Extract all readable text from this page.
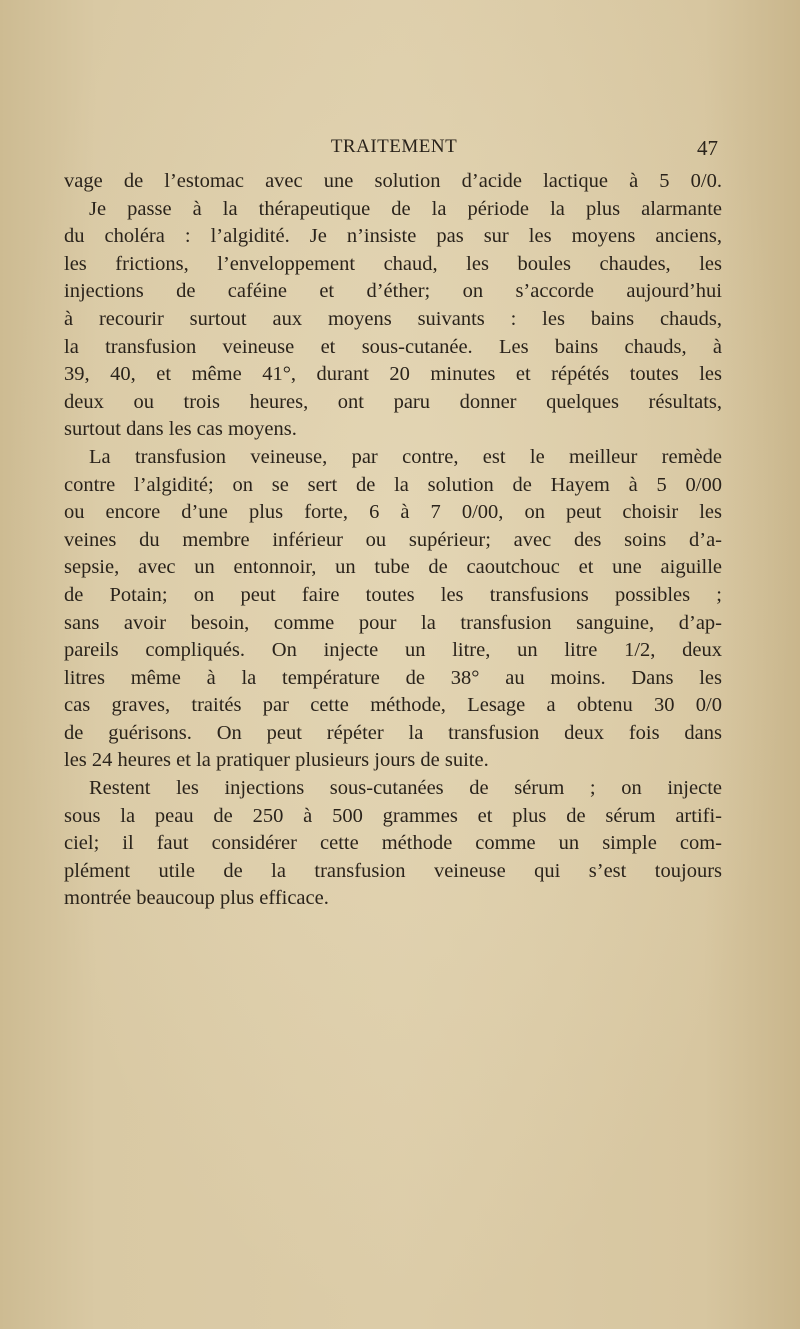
TRAITEMENT	47
vage de l’estomac avec une solution d’acide lactique à 5 0/0.
Je passe à la thérapeutique de la période la plus alarmante
du choléra : l’algidité. Je n’insiste pas sur les moyens anciens,
les frictions, l’enveloppement chaud, les boules chaudes, les
injections de caféine et d’éther; on s’accorde aujourd’hui
à recourir surtout aux moyens suivants : les bains chauds,
la transfusion veineuse et sous-cutanée. Les bains chauds, à
39, 40, et même 41°, durant 20 minutes et répétés toutes les
deux ou trois heures, ont paru donner quelques résultats,
surtout dans les cas moyens.
La transfusion veineuse, par contre, est le meilleur remède
contre l’algidité; on se sert de la solution de Hayem à 5 0/00
ou encore d’une plus forte, 6 à 7 0/00, on peut choisir les
veines du membre inférieur ou supérieur; avec des soins d’a-
sepsie, avec un entonnoir, un tube de caoutchouc et une aiguille
de Potain; on peut faire toutes les transfusions possibles ;
sans avoir besoin, comme pour la transfusion sanguine, d’ap-
pareils compliqués. On injecte un litre, un litre 1/2, deux
litres même à la température de 38° au moins. Dans les
cas graves, traités par cette méthode, Lesage a obtenu 30 0/0
de guérisons. On peut répéter la transfusion deux fois dans
les 24 heures et la pratiquer plusieurs jours de suite.
Restent les injections sous-cutanées de sérum ; on injecte
sous la peau de 250 à 500 grammes et plus de sérum artifi-
ciel; il faut considérer cette méthode comme un simple com-
plément utile de la transfusion veineuse qui s’est toujours
montrée beaucoup plus efficace.
